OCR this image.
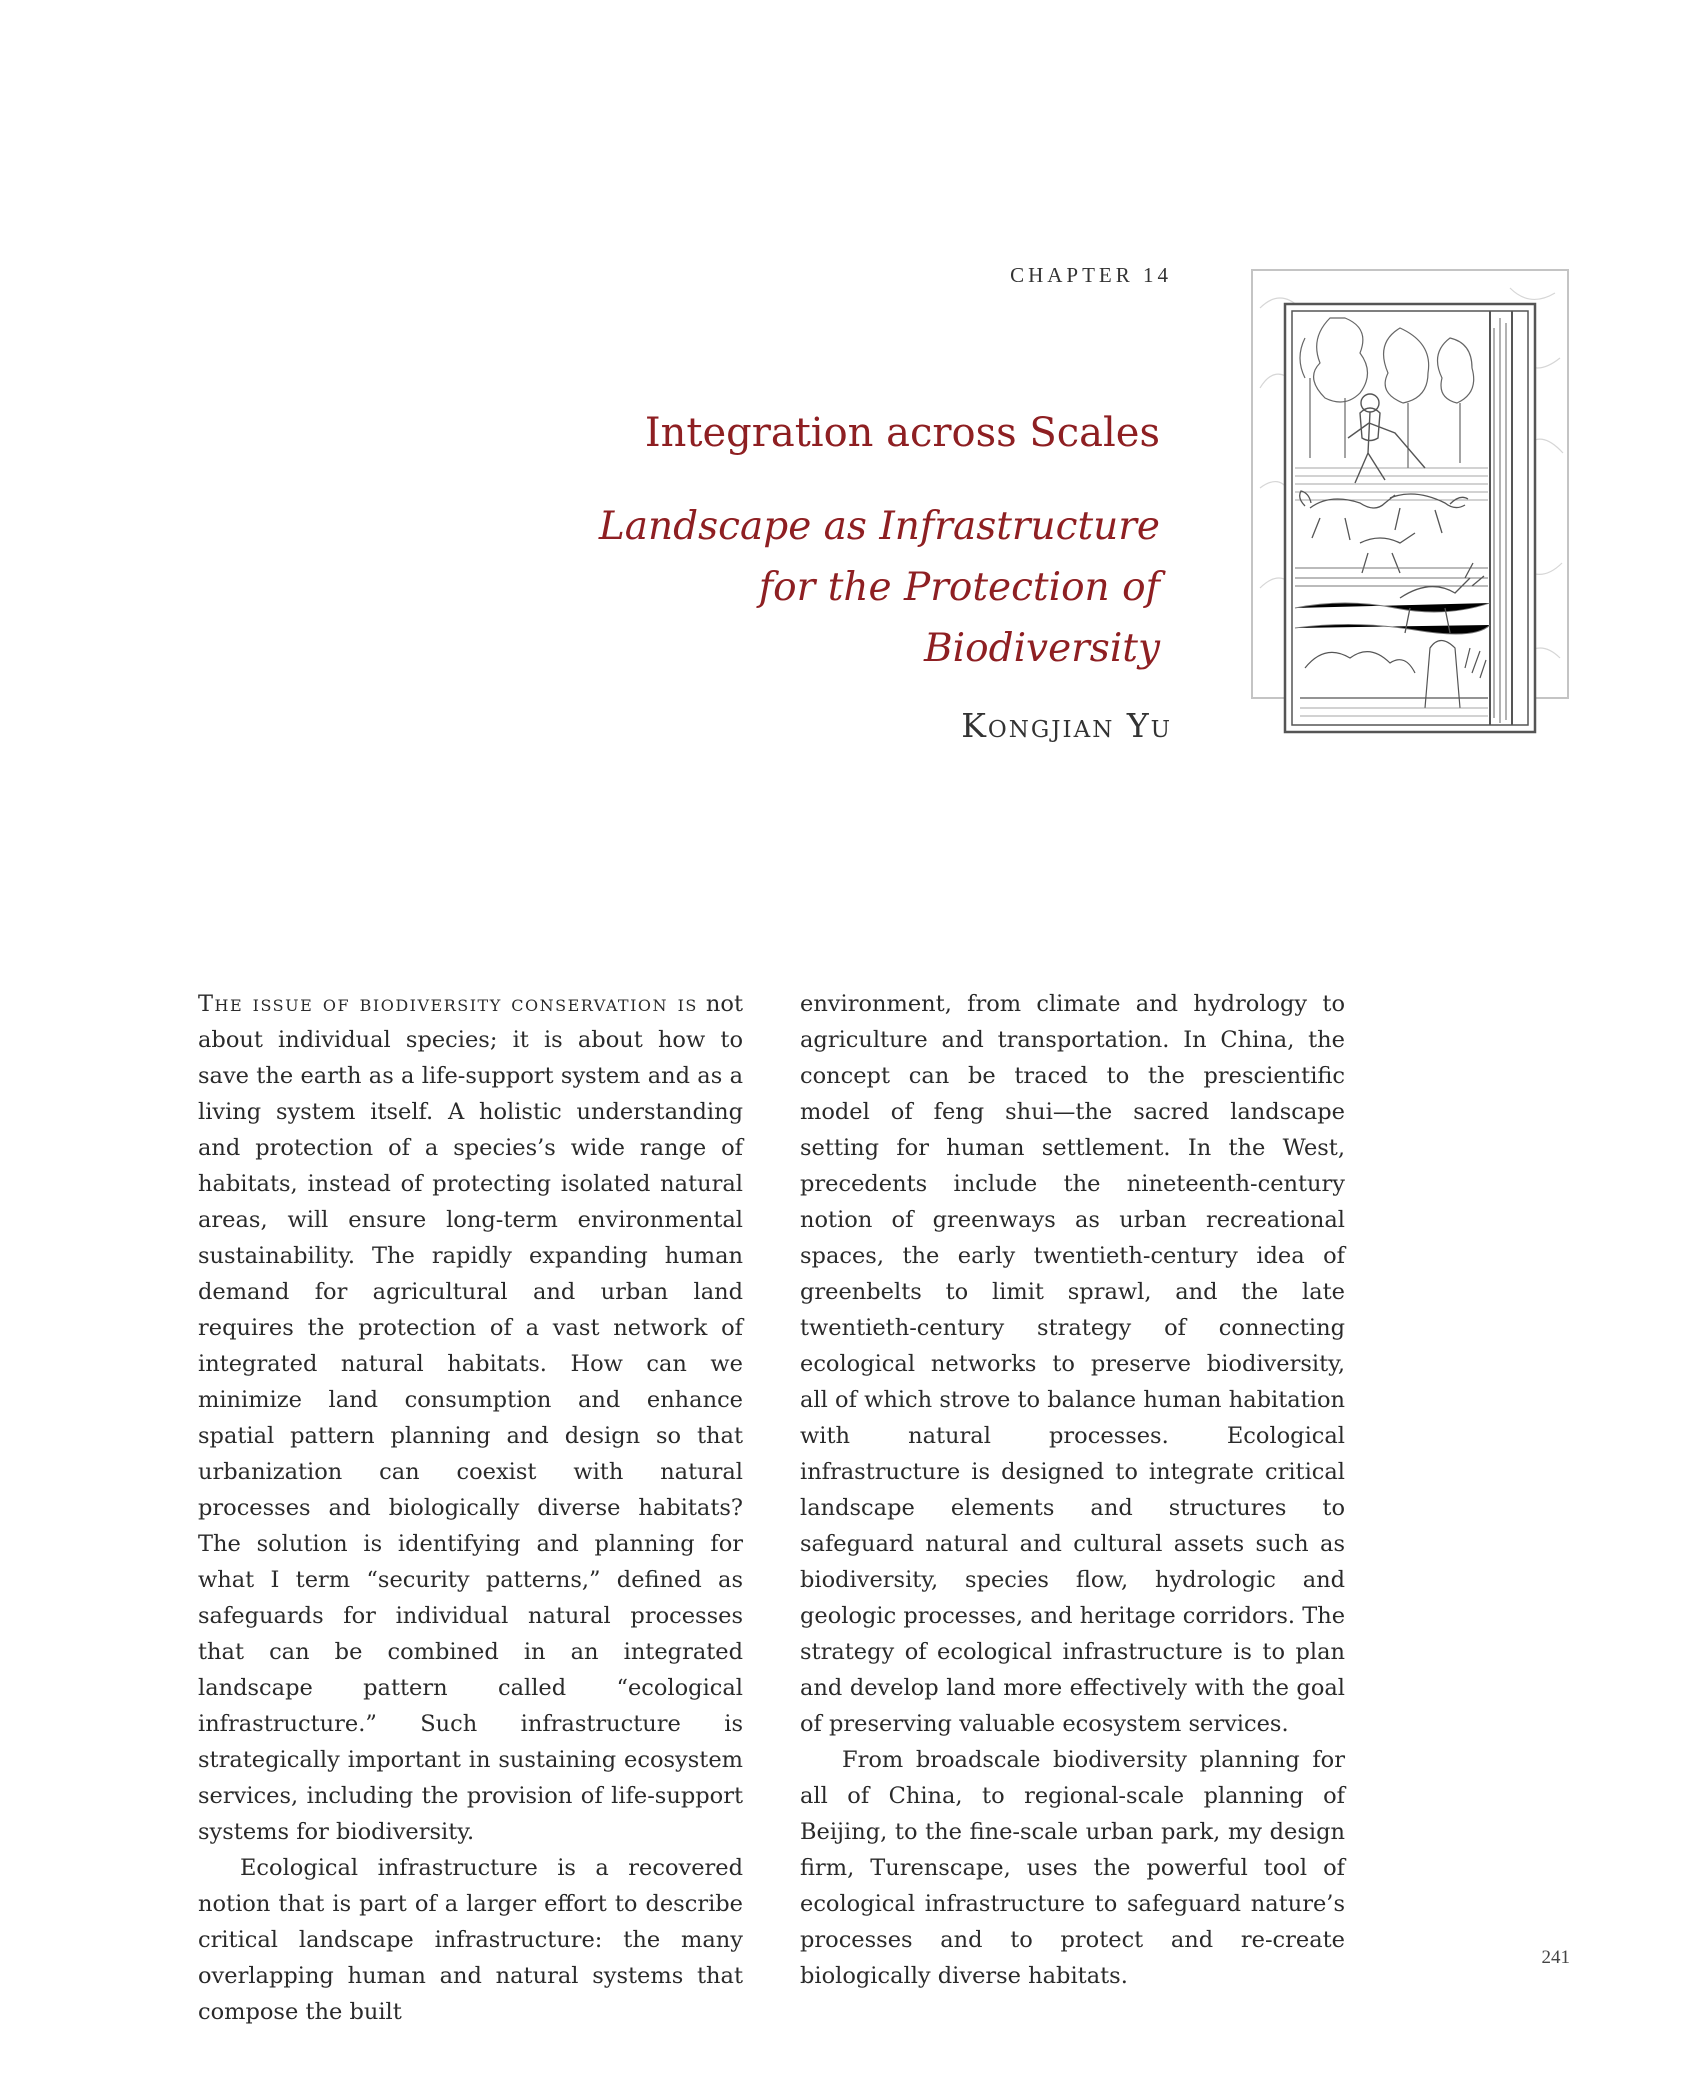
CHAPTER 14
Integration across Scales
Landscape as Infrastructure
for the Protection of Biodiversity
Kongjian Yu

The issue of biodiversity conservation is not about individual species; it is about how to save the earth as a life-support system and as a living system itself. A holistic understanding and protection of a species’s wide range of habitats, instead of protecting isolated natural areas, will ensure long-term environmental sustainability. The rapidly expanding human demand for agricultural and urban land requires the protection of a vast network of integrated natural habitats. How can we minimize land consumption and enhance spatial pattern planning and design so that urbanization can coexist with natural processes and biologically diverse habitats? The solution is identifying and planning for what I term “security patterns,” defined as safeguards for individual natural processes that can be combined in an integrated landscape pattern called “ecological infrastructure.” Such infrastructure is strategically important in sustaining ecosystem services, including the provision of life-support systems for biodiversity.

Ecological infrastructure is a recovered notion that is part of a larger effort to describe critical landscape infrastructure: the many overlapping human and natural systems that compose the built

environment, from climate and hydrology to agriculture and transportation. In China, the concept can be traced to the prescientific model of feng shui—the sacred landscape setting for human settlement. In the West, precedents include the nineteenth-century notion of greenways as urban recreational spaces, the early twentieth-century idea of greenbelts to limit sprawl, and the late twentieth-century strategy of connecting ecological networks to preserve biodiversity, all of which strove to balance human habitation with natural processes. Ecological infrastructure is designed to integrate critical landscape elements and structures to safeguard natural and cultural assets such as biodiversity, species flow, hydrologic and geologic processes, and heritage corridors. The strategy of ecological infrastructure is to plan and develop land more effectively with the goal of preserving valuable ecosystem services.

From broadscale biodiversity planning for all of China, to regional-scale planning of Beijing, to the fine-scale urban park, my design firm, Turenscape, uses the powerful tool of ecological infrastructure to safeguard nature’s processes and to protect and re-create biologically diverse habitats.

241
